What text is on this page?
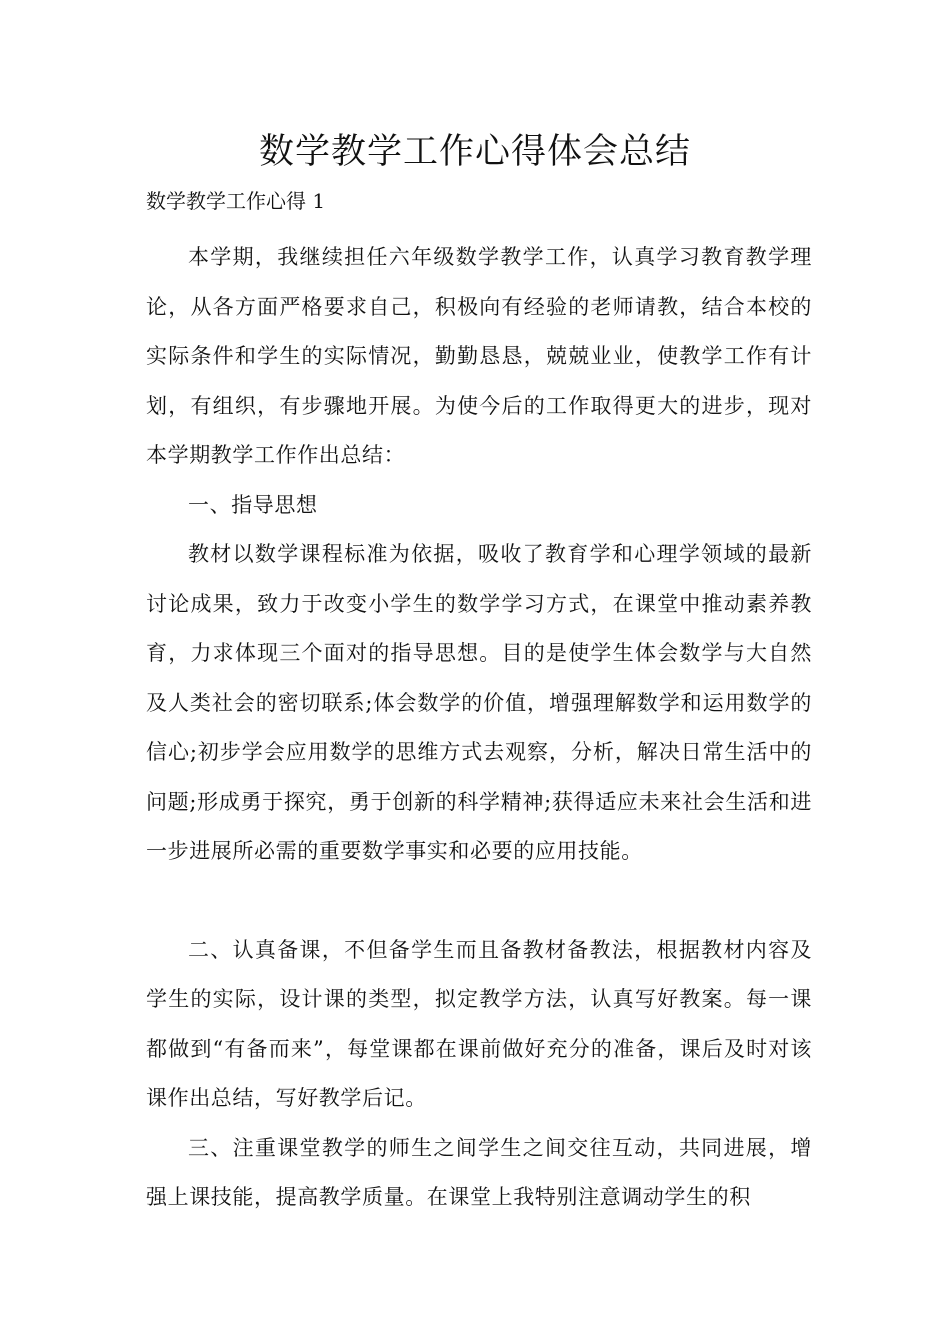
数学教学工作心得体会总结

数学教学工作心得 1

本学期，我继续担任六年级数学教学工作，认真学习教育教学理论，从各方面严格要求自己，积极向有经验的老师请教，结合本校的实际条件和学生的实际情况，勤勤恳恳，兢兢业业，使教学工作有计划，有组织，有步骤地开展。为使今后的工作取得更大的进步，现对本学期教学工作作出总结：

一、指导思想

教材以数学课程标准为依据，吸收了教育学和心理学领域的最新讨论成果，致力于改变小学生的数学学习方式，在课堂中推动素养教育，力求体现三个面对的指导思想。目的是使学生体会数学与大自然及人类社会的密切联系;体会数学的价值，增强理解数学和运用数学的信心;初步学会应用数学的思维方式去观察，分析，解决日常生活中的问题;形成勇于探究，勇于创新的科学精神;获得适应未来社会生活和进一步进展所必需的重要数学事实和必要的应用技能。

二、认真备课，不但备学生而且备教材备教法，根据教材内容及学生的实际，设计课的类型，拟定教学方法，认真写好教案。每一课都做到“有备而来”，每堂课都在课前做好充分的准备，课后及时对该课作出总结，写好教学后记。

三、注重课堂教学的师生之间学生之间交往互动，共同进展，增强上课技能，提高教学质量。在课堂上我特别注意调动学生的积
